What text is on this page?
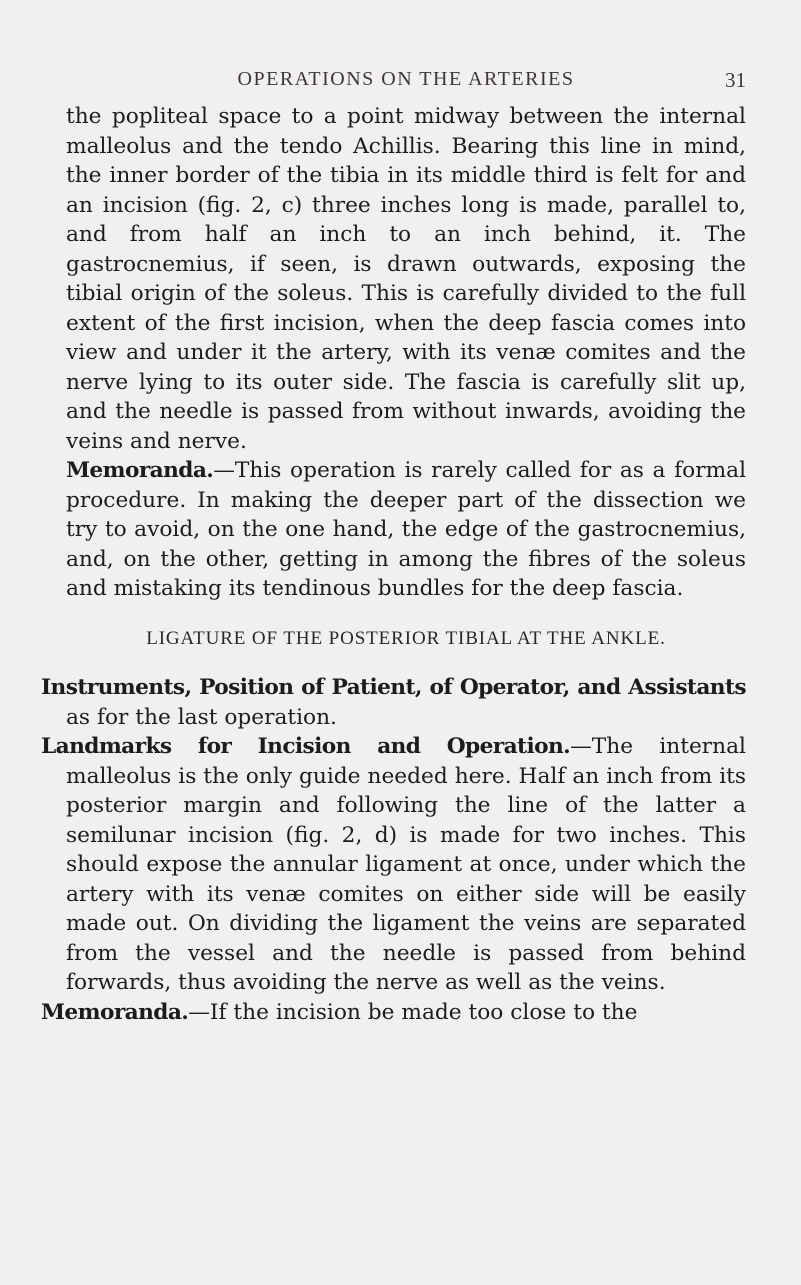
OPERATIONS ON THE ARTERIES	31

the popliteal space to a point midway between the internal malleolus and the tendo Achillis. Bearing this line in mind, the inner border of the tibia in its middle third is felt for and an incision (fig. 2, c) three inches long is made, parallel to, and from half an inch to an inch behind, it. The gastrocnemius, if seen, is drawn outwards, exposing the tibial origin of the soleus. This is carefully divided to the full extent of the first incision, when the deep fascia comes into view and under it the artery, with its venæ comites and the nerve lying to its outer side. The fascia is carefully slit up, and the needle is passed from without inwards, avoiding the veins and nerve.

Memoranda.—This operation is rarely called for as a formal procedure. In making the deeper part of the dissection we try to avoid, on the one hand, the edge of the gastrocnemius, and, on the other, getting in among the fibres of the soleus and mistaking its tendinous bundles for the deep fascia.

LIGATURE OF THE POSTERIOR TIBIAL AT THE ANKLE.

Instruments, Position of Patient, of Operator, and Assistants as for the last operation.

Landmarks for Incision and Operation.—The internal malleolus is the only guide needed here. Half an inch from its posterior margin and following the line of the latter a semilunar incision (fig. 2, d) is made for two inches. This should expose the annular ligament at once, under which the artery with its venæ comites on either side will be easily made out. On dividing the ligament the veins are separated from the vessel and the needle is passed from behind forwards, thus avoiding the nerve as well as the veins.

Memoranda.—If the incision be made too close to the
